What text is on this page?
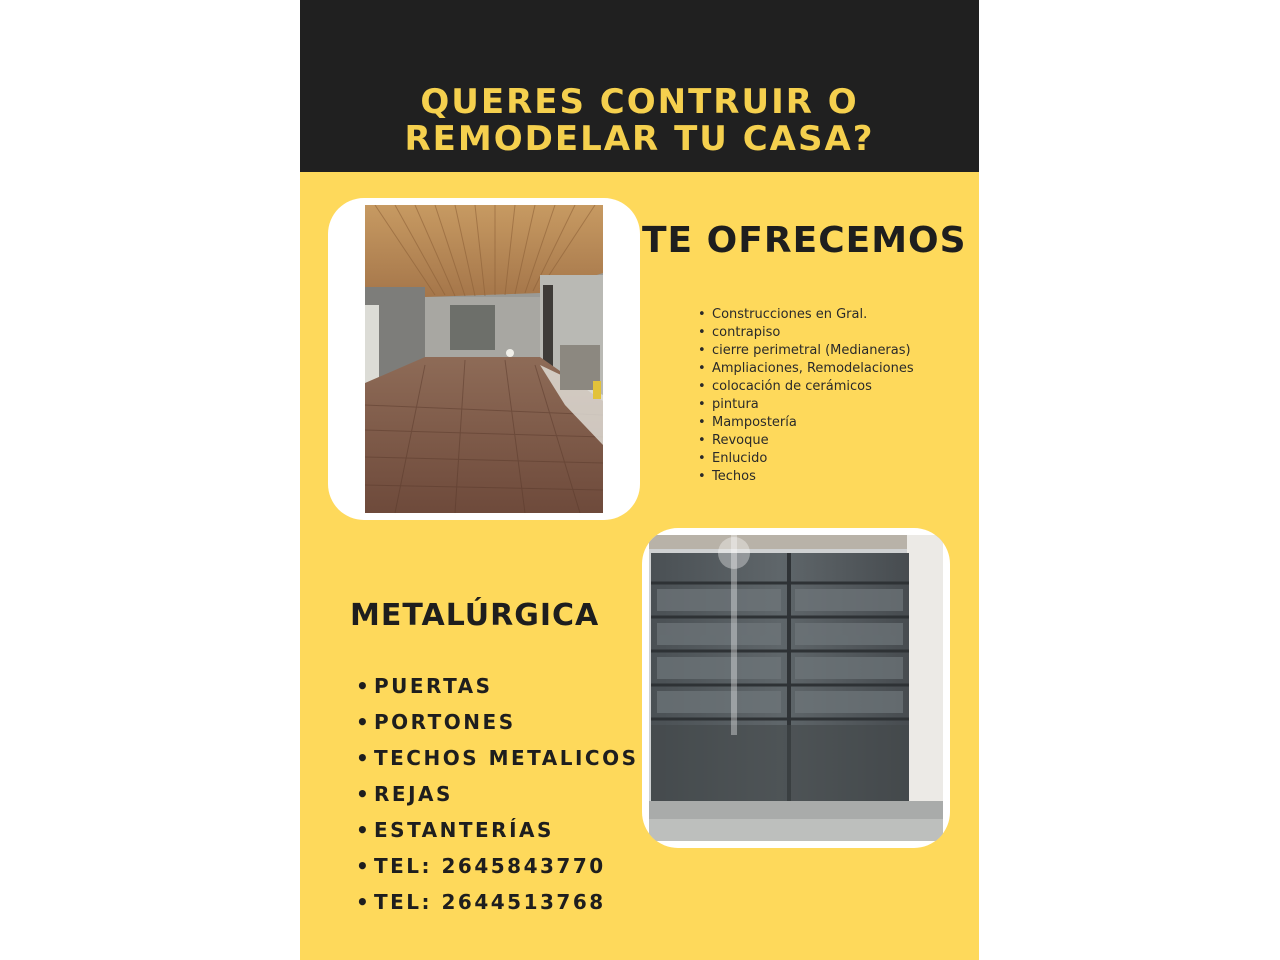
QUERES CONTRUIR O
REMODELAR TU CASA?
TE OFRECEMOS
• Construcciones en Gral.
• contrapiso
• cierre perimetral (Medianeras)
• Ampliaciones, Remodelaciones
• colocación de cerámicos
• pintura
• Mampostería
• Revoque
• Enlucido
• Techos
METALÚRGICA
• PUERTAS
• PORTONES
• TECHOS METALICOS
• REJAS
• ESTANTERÍAS
• TEL: 2645843770
• TEL: 2644513768
